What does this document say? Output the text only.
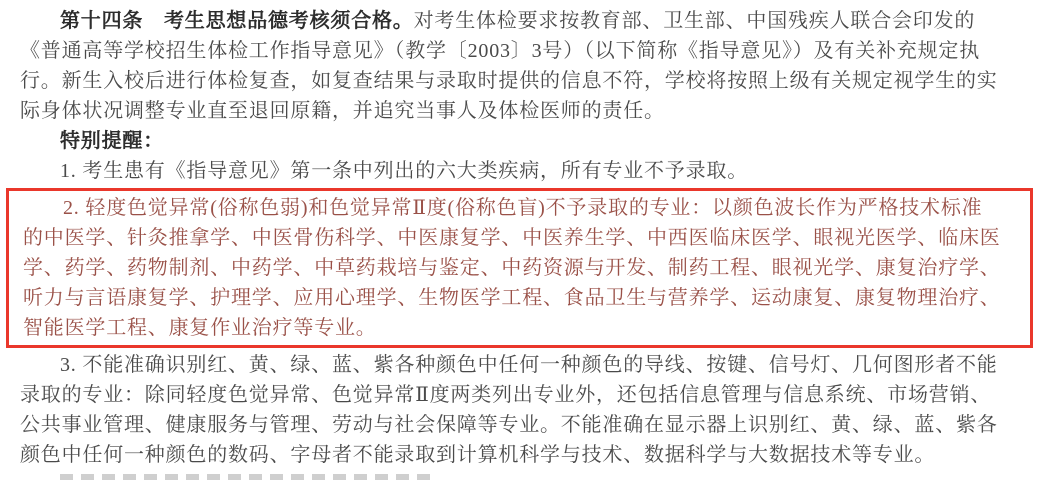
第十四条　考生思想品德考核须合格。对考生体检要求按教育部、卫生部、中国残疾人联合会印发的
《普通高等学校招生体检工作指导意见》（教学〔2003〕3号）（以下简称《指导意见》）及有关补充规定执
行。新生入校后进行体检复查，如复查结果与录取时提供的信息不符，学校将按照上级有关规定视学生的实
际身体状况调整专业直至退回原籍，并追究当事人及体检医师的责任。
特别提醒：
1. 考生患有《指导意见》第一条中列出的六大类疾病，所有专业不予录取。
2. 轻度色觉异常(俗称色弱)和色觉异常Ⅱ度(俗称色盲)不予录取的专业：以颜色波长作为严格技术标准
的中医学、针灸推拿学、中医骨伤科学、中医康复学、中医养生学、中西医临床医学、眼视光医学、临床医
学、药学、药物制剂、中药学、中草药栽培与鉴定、中药资源与开发、制药工程、眼视光学、康复治疗学、
听力与言语康复学、护理学、应用心理学、生物医学工程、食品卫生与营养学、运动康复、康复物理治疗、
智能医学工程、康复作业治疗等专业。
3. 不能准确识别红、黄、绿、蓝、紫各种颜色中任何一种颜色的导线、按键、信号灯、几何图形者不能
录取的专业：除同轻度色觉异常、色觉异常Ⅱ度两类列出专业外，还包括信息管理与信息系统、市场营销、
公共事业管理、健康服务与管理、劳动与社会保障等专业。不能准确在显示器上识别红、黄、绿、蓝、紫各
颜色中任何一种颜色的数码、字母者不能录取到计算机科学与技术、数据科学与大数据技术等专业。
